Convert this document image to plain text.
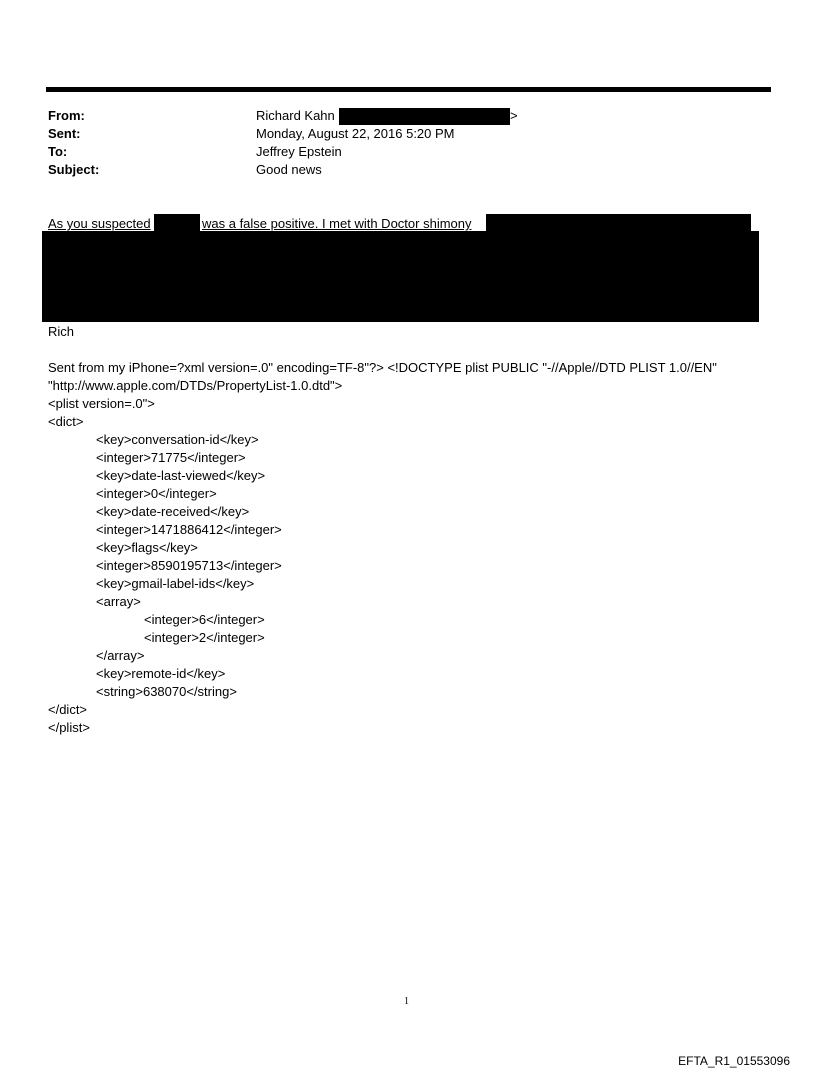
From:	Richard Kahn	>
Sent:	Monday, August 22, 2016 5:20 PM
To:	Jeffrey Epstein
Subject:	Good news
As you suspected	was a false positive. I met with Doctor shimony
Rich
Sent from my iPhone=?xml version=.0" encoding=TF-8"?> <!DOCTYPE plist PUBLIC "-//Apple//DTD PLIST 1.0//EN"
"http://www.apple.com/DTDs/PropertyList-1.0.dtd">
<plist version=.0">
<dict>
<key>conversation-id</key>
<integer>71775</integer>
<key>date-last-viewed</key>
<integer>0</integer>
<key>date-received</key>
<integer>1471886412</integer>
<key>flags</key>
<integer>8590195713</integer>
<key>gmail-label-ids</key>
<array>
<integer>6</integer>
<integer>2</integer>
</array>
<key>remote-id</key>
<string>638070</string>
</dict>
</plist>
1
EFTA_R1_01553096
